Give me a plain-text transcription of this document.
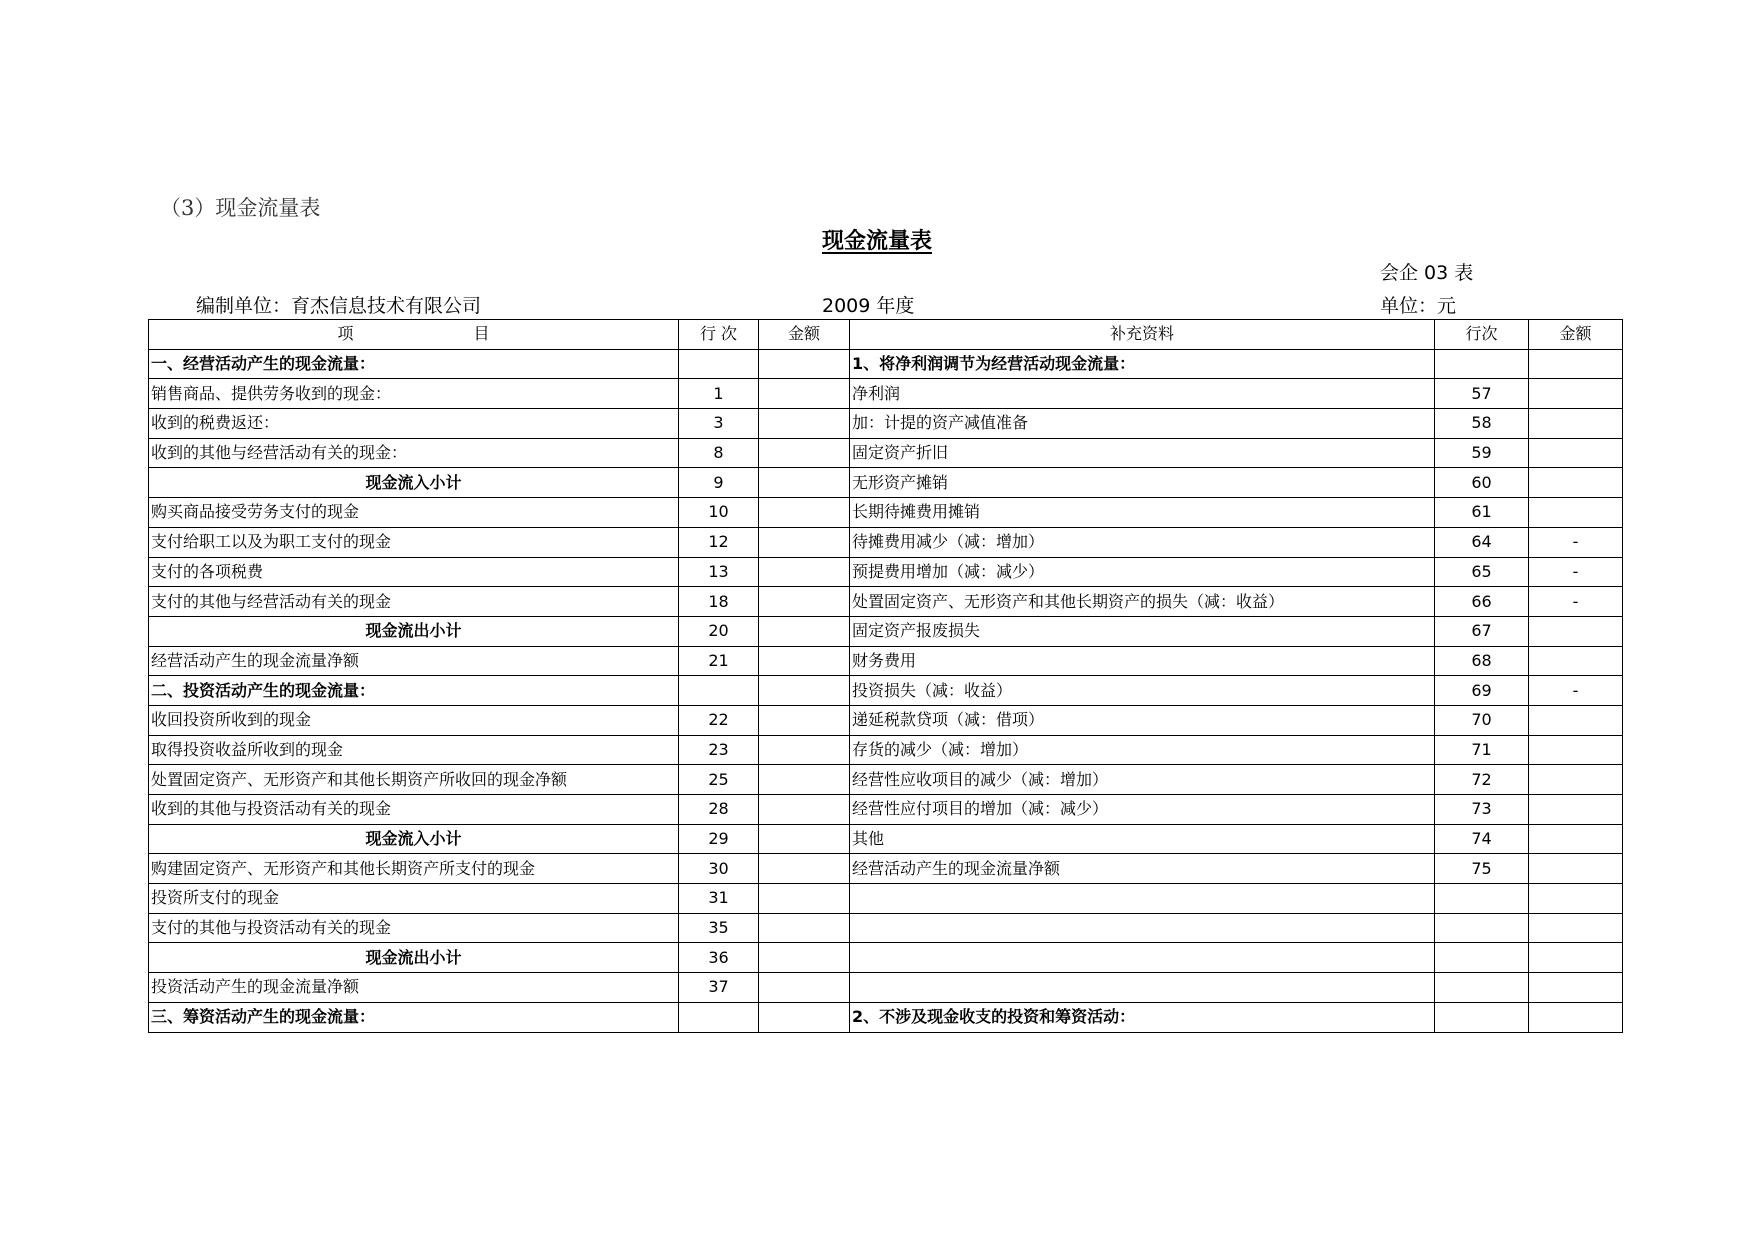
（3）现金流量表
现金流量表
会企 03 表
编制单位：育杰信息技术有限公司	2009 年度	单位：元
项 目	行 次	金额	补充资料	行次	金额
一、经营活动产生的现金流量：			1、将净利润调节为经营活动现金流量：		
销售商品、提供劳务收到的现金：	1		净利润	57	
收到的税费返还：	3		加：计提的资产减值准备	58	
收到的其他与经营活动有关的现金：	8		固定资产折旧	59	
现金流入小计	9		无形资产摊销	60	
购买商品接受劳务支付的现金	10		长期待摊费用摊销	61	
支付给职工以及为职工支付的现金	12		待摊费用减少（减：增加）	64	-
支付的各项税费	13		预提费用增加（减：减少）	65	-
支付的其他与经营活动有关的现金	18		处置固定资产、无形资产和其他长期资产的损失（减：收益）	66	-
现金流出小计	20		固定资产报废损失	67	
经营活动产生的现金流量净额	21		财务费用	68	
二、投资活动产生的现金流量：			投资损失（减：收益）	69	-
收回投资所收到的现金	22		递延税款贷项（减：借项）	70	
取得投资收益所收到的现金	23		存货的减少（减：增加）	71	
处置固定资产、无形资产和其他长期资产所收回的现金净额	25		经营性应收项目的减少（减：增加）	72	
收到的其他与投资活动有关的现金	28		经营性应付项目的增加（减：减少）	73	
现金流入小计	29		其他	74	
购建固定资产、无形资产和其他长期资产所支付的现金	30		经营活动产生的现金流量净额	75	
投资所支付的现金	31				
支付的其他与投资活动有关的现金	35				
现金流出小计	36				
投资活动产生的现金流量净额	37				
三、筹资活动产生的现金流量：			2、不涉及现金收支的投资和筹资活动：		
